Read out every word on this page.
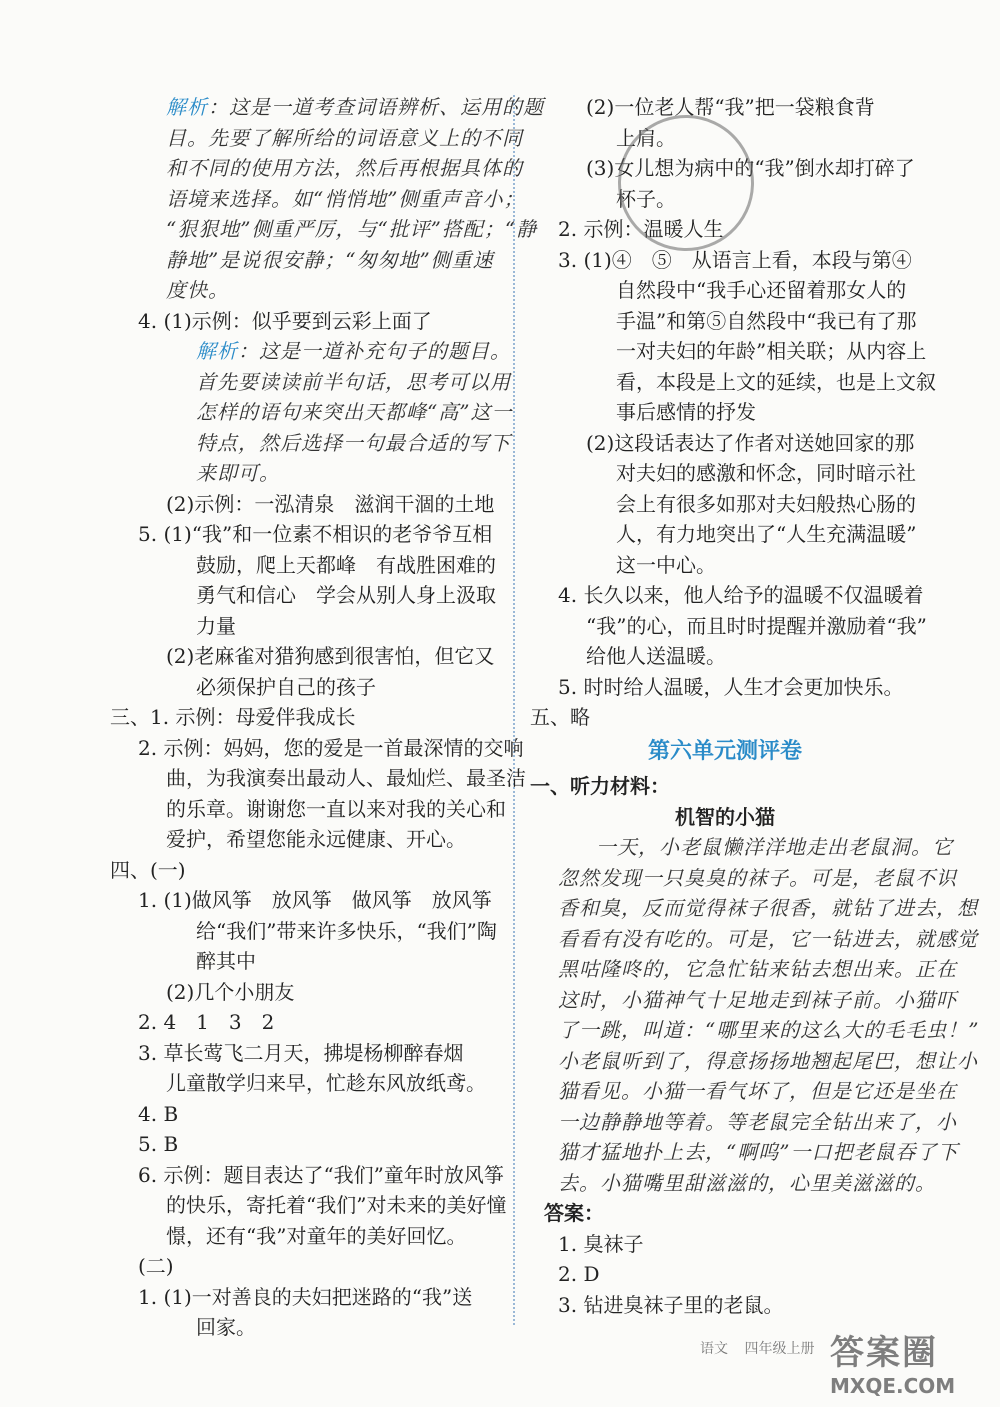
解析：这是一道考查词语辨析、运用的题
目。先要了解所给的词语意义上的不同
和不同的使用方法，然后再根据具体的
语境来选择。如“悄悄地”侧重声音小；
“狠狠地”侧重严厉，与“批评”搭配；“静
静地”是说很安静；“匆匆地”侧重速
度快。
4. (1)示例：似乎要到云彩上面了
解析：这是一道补充句子的题目。
首先要读读前半句话，思考可以用
怎样的语句来突出天都峰“高”这一
特点，然后选择一句最合适的写下
来即可。
(2)示例：一泓清泉　滋润干涸的土地
5. (1)“我”和一位素不相识的老爷爷互相
鼓励，爬上天都峰　有战胜困难的
勇气和信心　学会从别人身上汲取
力量
(2)老麻雀对猎狗感到很害怕，但它又
必须保护自己的孩子
三、1. 示例：母爱伴我成长
2. 示例：妈妈，您的爱是一首最深情的交响
曲，为我演奏出最动人、最灿烂、最圣洁
的乐章。谢谢您一直以来对我的关心和
爱护，希望您能永远健康、开心。
四、(一)
1. (1)做风筝　放风筝　做风筝　放风筝
给“我们”带来许多快乐，“我们”陶
醉其中
(2)几个小朋友
2. 4　1　3　2
3. 草长莺飞二月天，拂堤杨柳醉春烟
儿童散学归来早，忙趁东风放纸鸢。
4. B
5. B
6. 示例：题目表达了“我们”童年时放风筝
的快乐，寄托着“我们”对未来的美好憧
憬，还有“我”对童年的美好回忆。
(二)
1. (1)一对善良的夫妇把迷路的“我”送
回家。
(2)一位老人帮“我”把一袋粮食背
上肩。
(3)女儿想为病中的“我”倒水却打碎了
杯子。
2. 示例：温暖人生
3. (1)④　⑤　从语言上看，本段与第④
自然段中“我手心还留着那女人的
手温”和第⑤自然段中“我已有了那
一对夫妇的年龄”相关联；从内容上
看，本段是上文的延续，也是上文叙
事后感情的抒发
(2)这段话表达了作者对送她回家的那
对夫妇的感激和怀念，同时暗示社
会上有很多如那对夫妇般热心肠的
人，有力地突出了“人生充满温暖”
这一中心。
4. 长久以来，他人给予的温暖不仅温暖着
“我”的心，而且时时提醒并激励着“我”
给他人送温暖。
5. 时时给人温暖，人生才会更加快乐。
五、略
第六单元测评卷
一、听力材料：
机智的小猫
一天，小老鼠懒洋洋地走出老鼠洞。它
忽然发现一只臭臭的袜子。可是，老鼠不识
香和臭，反而觉得袜子很香，就钻了进去，想
看看有没有吃的。可是，它一钻进去，就感觉
黑咕隆咚的，它急忙钻来钻去想出来。正在
这时，小猫神气十足地走到袜子前。小猫吓
了一跳，叫道：“哪里来的这么大的毛毛虫！”
小老鼠听到了，得意扬扬地翘起尾巴，想让小
猫看见。小猫一看气坏了，但是它还是坐在
一边静静地等着。等老鼠完全钻出来了，小
猫才猛地扑上去，“啊呜”一口把老鼠吞了下
去。小猫嘴里甜滋滋的，心里美滋滋的。
答案：
1. 臭袜子
2. D
3. 钻进臭袜子里的老鼠。
语文 四年级上册 答案圈
MXQE.COM
